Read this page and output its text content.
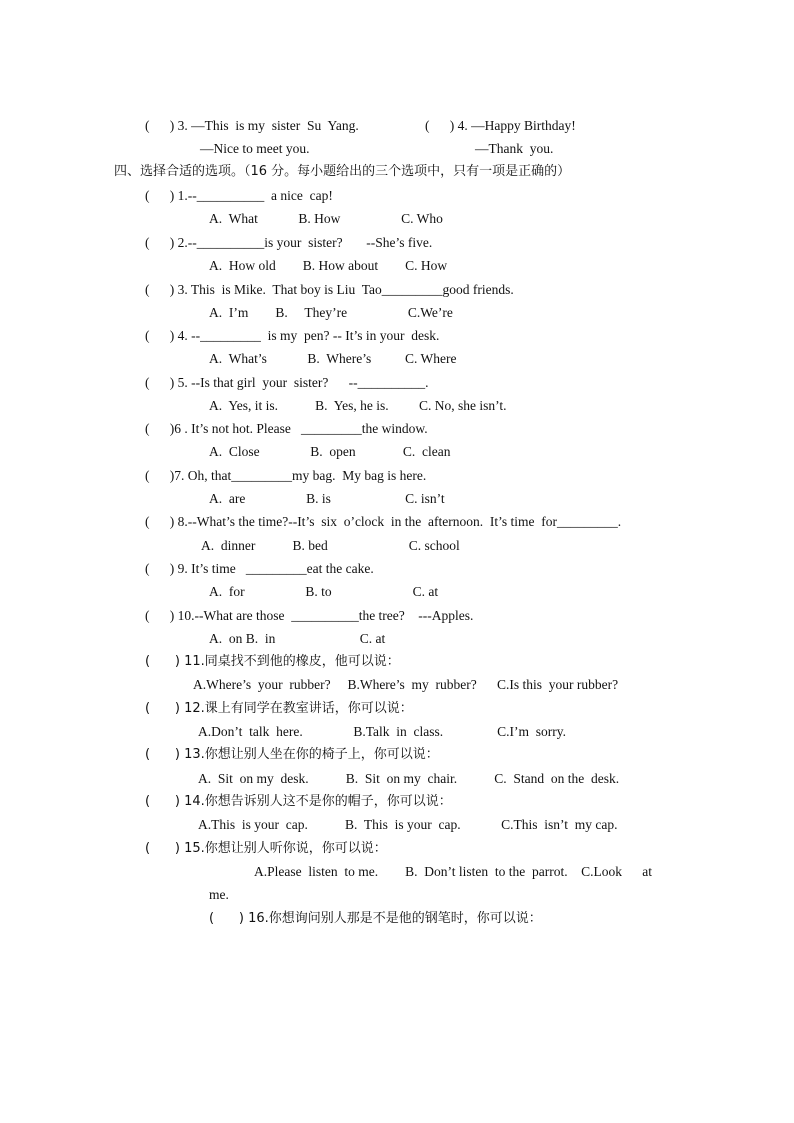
(      ) 3. —This  is my  sister  Su  Yang.	(      ) 4. —Happy Birthday!
—Nice to meet you.	—Thank  you.
四、选择合适的选项。（16 分。每小题给出的三个选项中，只有一项是正确的）
(      ) 1.--__________  a nice  cap!
A.  What            B. How                  C. Who
(      ) 2.--__________is your  sister?       --She’s five.
A.  How old        B. How about        C. How
(      ) 3. This  is Mike.  That boy is Liu  Tao_________good friends.
A.  I’m        B.     They’re                  C.We’re
(      ) 4. --_________  is my  pen? -- It’s in your  desk.
A.  What’s            B.  Where’s          C. Where
(      ) 5. --Is that girl  your  sister?      --__________.
A.  Yes, it is.           B.  Yes, he is.         C. No, she isn’t.
(      )6 . It’s not hot. Please   _________the window.
A.  Close               B.  open              C.  clean
(      )7. Oh, that_________my bag.  My bag is here.
A.  are                  B. is                      C. isn’t
(      ) 8.--What’s the time?--It’s  six  o’clock  in the  afternoon.  It’s time  for_________.
A.  dinner           B. bed                        C. school
(      ) 9. It’s time   _________eat the cake.
A.  for                  B. to                        C. at
(      ) 10.--What are those  __________the tree?    ---Apples.
A.  on B.  in                         C. at
(      ) 11.同桌找不到他的橡皮，他可以说：
A.Where’s  your  rubber?     B.Where’s  my  rubber?      C.Is this  your rubber?
(      ) 12.课上有同学在教室讲话，你可以说：
A.Don’t  talk  here.               B.Talk  in  class.                C.I’m  sorry.
(      ) 13.你想让别人坐在你的椅子上，你可以说：
A.  Sit  on my  desk.           B.  Sit  on my  chair.           C.  Stand  on the  desk.
(      ) 14.你想告诉别人这不是你的帽子，你可以说：
A.This  is your  cap.           B.  This  is your  cap.            C.This  isn’t  my cap.
(      ) 15.你想让别人听你说，你可以说：
A.Please  listen  to me.        B.  Don’t listen  to the  parrot.    C.Look      at
me.
(      ) 16.你想询问别人那是不是他的钢笔时，你可以说：
